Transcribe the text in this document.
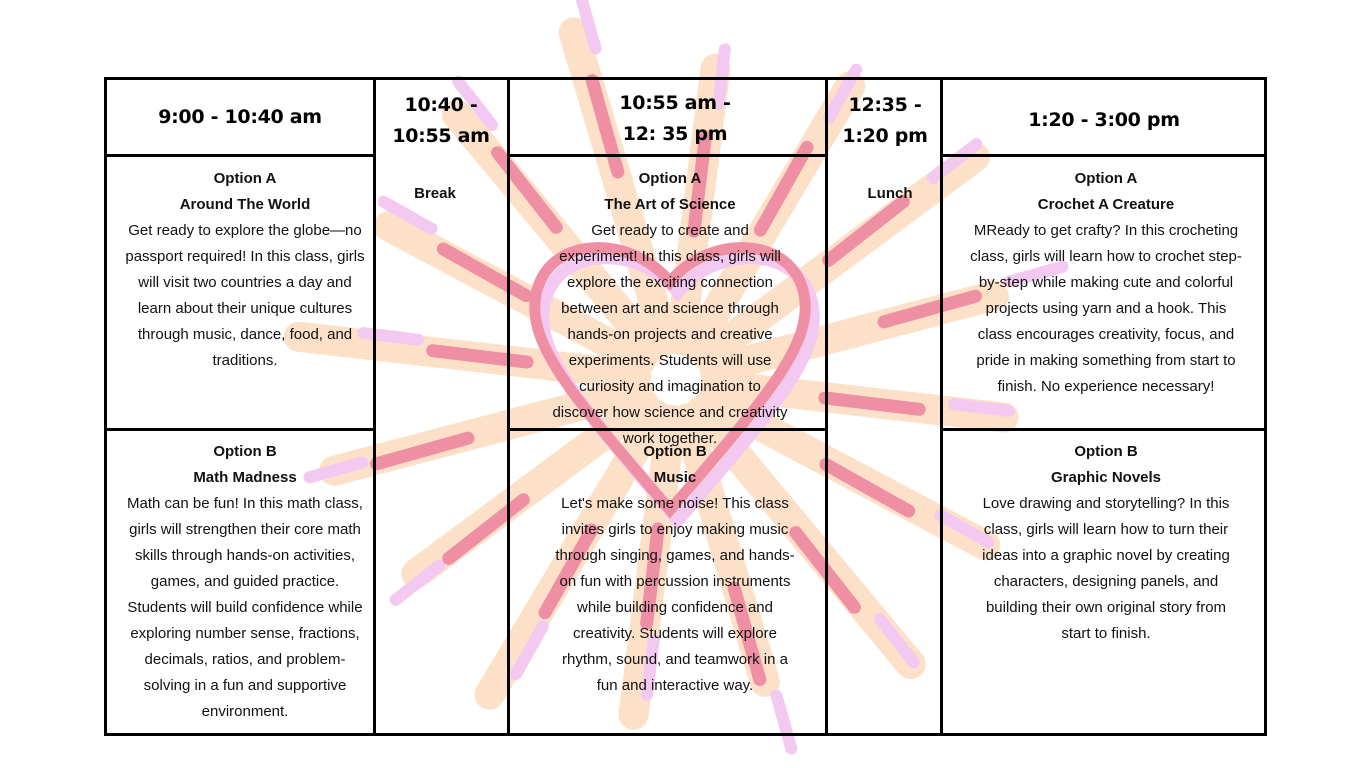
9:00 - 10:40 am
10:40 - 10:55 am
10:55 am - 12: 35 pm
12:35 - 1:20 pm
1:20 - 3:00 pm
Break	Lunch
Option A
Around The World
Get ready to explore the globe—no passport required! In this class, girls will visit two countries a day and learn about their unique cultures through music, dance, food, and traditions.
Option B
Math Madness
Math can be fun! In this math class, girls will strengthen their core math skills through hands-on activities, games, and guided practice. Students will build confidence while exploring number sense, fractions, decimals, ratios, and problem-solving in a fun and supportive environment.
Option A
The Art of Science
Get ready to create and experiment! In this class, girls will explore the exciting connection between art and science through hands-on projects and creative experiments. Students will use curiosity and imagination to discover how science and creativity work together.
Option B
Music
Let's make some noise! This class invites girls to enjoy making music through singing, games, and hands-on fun with percussion instruments while building confidence and creativity. Students will explore rhythm, sound, and teamwork in a fun and interactive way.
Option A
Crochet A Creature
MReady to get crafty? In this crocheting class, girls will learn how to crochet step-by-step while making cute and colorful projects using yarn and a hook. This class encourages creativity, focus, and pride in making something from start to finish. No experience necessary!
Option B
Graphic Novels
Love drawing and storytelling? In this class, girls will learn how to turn their ideas into a graphic novel by creating characters, designing panels, and building their own original story from start to finish.
